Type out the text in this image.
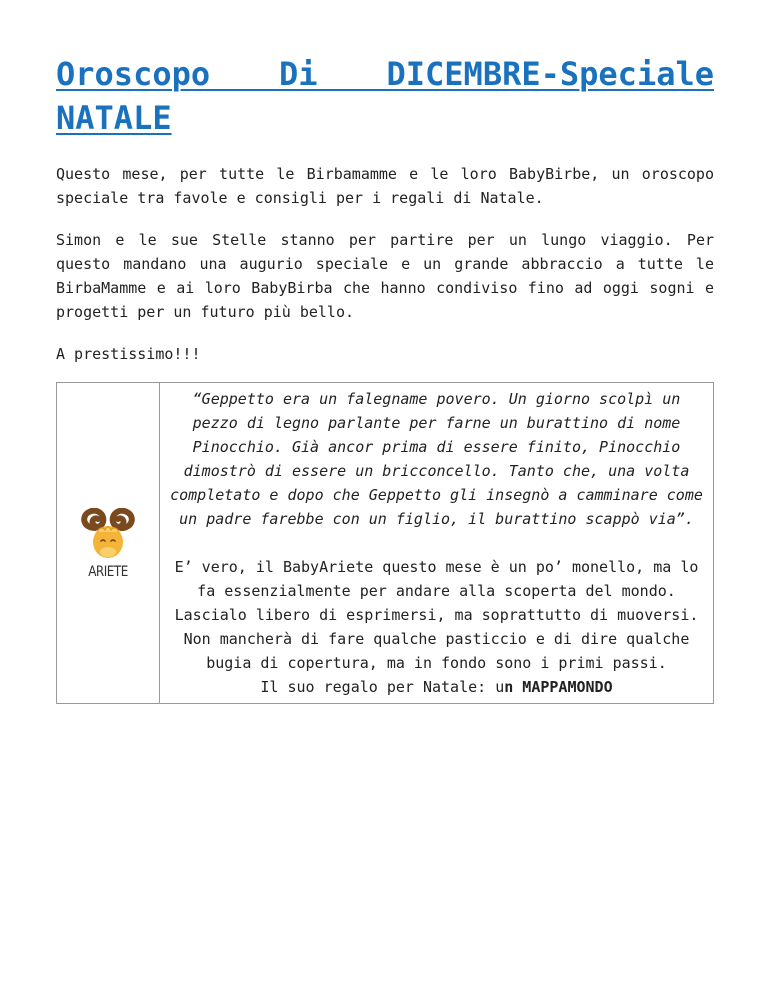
Oroscopo Di DICEMBRE-Speciale NATALE

Questo mese, per tutte le Birbamamme e le loro BabyBirbe, un oroscopo speciale tra favole e consigli per i regali di Natale.

Simon e le sue Stelle stanno per partire per un lungo viaggio. Per questo mandano una augurio speciale e un grande abbraccio a tutte le BirbaMamme e ai loro BabyBirba che hanno condiviso fino ad oggi sogni e progetti per un futuro più bello.

A prestissimo!!!

ARIETE

“Geppetto era un falegname povero. Un giorno scolpì un pezzo di legno parlante per farne un burattino di nome Pinocchio. Già ancor prima di essere finito, Pinocchio dimostrò di essere un bricconcello. Tanto che, una volta completato e dopo che Geppetto gli insegnò a camminare come un padre farebbe con un figlio, il burattino scappò via”.

E’ vero, il BabyAriete questo mese è un po’ monello, ma lo fa essenzialmente per andare alla scoperta del mondo. Lascialo libero di esprimersi, ma soprattutto di muoversi. Non mancherà di fare qualche pasticcio e di dire qualche bugia di copertura, ma in fondo sono i primi passi.
Il suo regalo per Natale: un MAPPAMONDO
